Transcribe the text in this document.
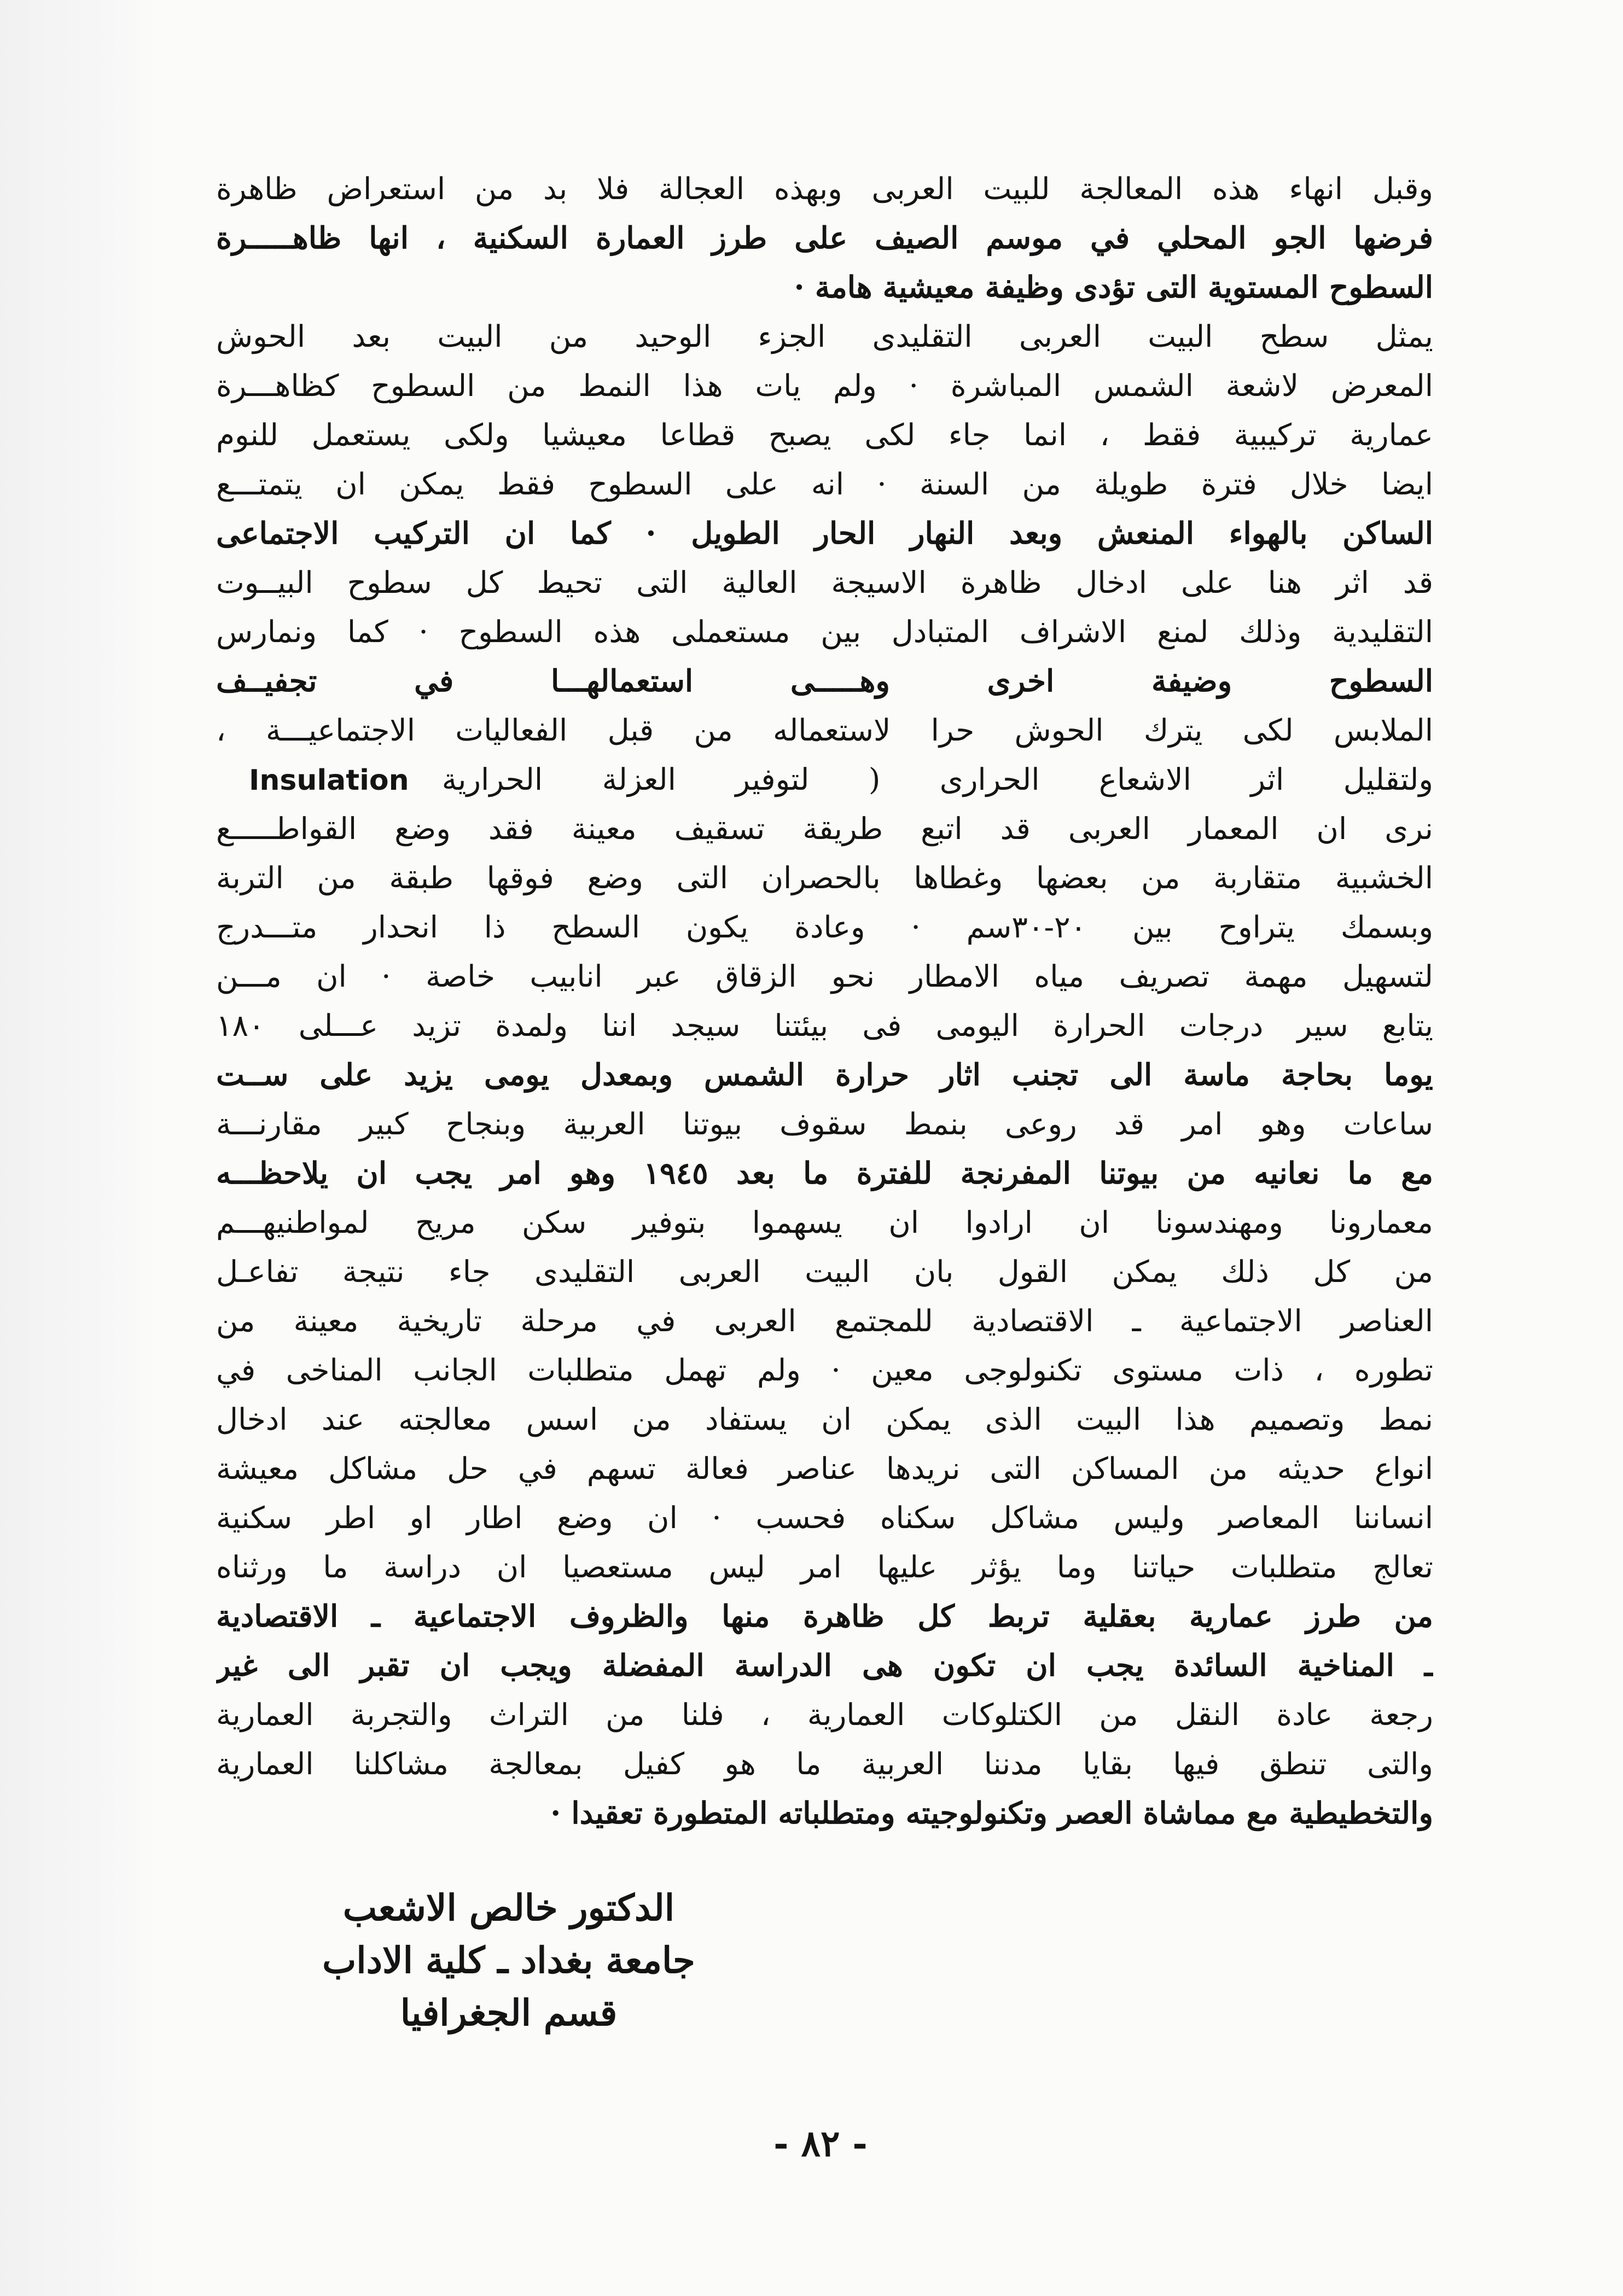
وقبل انهاء هذه المعالجة للبيت العربى وبهذه العجالة فلا بد من استعراض ظاهرة
فرضها الجو المحلي في موسم الصيف على طرز العمارة السكنية ، انها ظاهـــــرة
السطوح المستوية التى تؤدى وظيفة معيشية هامة ·
يمثل سطح البيت العربى التقليدى الجزء الوحيد من البيت بعد الحوش
المعرض لاشعة الشمس المباشرة · ولم يات هذا النمط من السطوح كظاهـــرة
عمارية تركيبية فقط ، انما جاء لكى يصبح قطاعا معيشيا ولكى يستعمل للنوم
ايضا خلال فترة طويلة من السنة · انه على السطوح فقط يمكن ان يتمتـــع
الساكن بالهواء المنعش وبعد النهار الحار الطويل · كما ان التركيب الاجتماعى
قد اثر هنا على ادخال ظاهرة الاسيجة العالية التى تحيط كل سطوح البيــوت
التقليدية وذلك لمنع الاشراف المتبادل بين مستعملى هذه السطوح · كما ونمارس
السطوح وضيفة اخرى وهـــــى استعمالهـــا في تجفيــف
الملابس لكى يترك الحوش حرا لاستعماله من قبل الفعاليات الاجتماعيـــة ،
ولتقليل اثر الاشعاع الحرارى ( لتوفير العزلة الحراريةInsulation
نرى ان المعمار العربى قد اتبع طريقة تسقيف معينة فقد وضع القواطـــــع
الخشبية متقاربة من بعضها وغطاها بالحصران التى وضع فوقها طبقة من التربة
وبسمك يتراوح بين ٢٠-٣٠سم · وعادة يكون السطح ذا انحدار متـــدرج
لتسهيل مهمة تصريف مياه الامطار نحو الزقاق عبر انابيب خاصة · ان مـــن
يتابع سير درجات الحرارة اليومى فى بيئتنا سيجد اننا ولمدة تزيد عـــلى ١٨٠
يوما بحاجة ماسة الى تجنب اثار حرارة الشمس وبمعدل يومى يزيد على ســت
ساعات وهو امر قد روعى بنمط سقوف بيوتنا العربية وبنجاح كبير مقارنـــة
مع ما نعانيه من بيوتنا المفرنجة للفترة ما بعد ١٩٤٥ وهو امر يجب ان يلاحظـــه
معمارونا ومهندسونا ان ارادوا ان يسهموا بتوفير سكن مريح لمواطنيهـــم
من كل ذلك يمكن القول بان البيت العربى التقليدى جاء نتيجة تفاعـل
العناصر الاجتماعية ـ الاقتصادية للمجتمع العربى في مرحلة تاريخية معينة من
تطوره ، ذات مستوى تكنولوجى معين · ولم تهمل متطلبات الجانب المناخى في
نمط وتصميم هذا البيت الذى يمكن ان يستفاد من اسس معالجته عند ادخال
انواع حديثه من المساكن التى نريدها عناصر فعالة تسهم في حل مشاكل معيشة
انساننا المعاصر وليس مشاكل سكناه فحسب · ان وضع اطار او اطر سكنية
تعالج متطلبات حياتنا وما يؤثر عليها امر ليس مستعصيا ان دراسة ما ورثناه
من طرز عمارية بعقلية تربط كل ظاهرة منها والظروف الاجتماعية ـ الاقتصادية
ـ المناخية السائدة يجب ان تكون هى الدراسة المفضلة ويجب ان تقبر الى غير
رجعة عادة النقل من الكتلوكات العمارية ، فلنا من التراث والتجربة العمارية
والتى تنطق فيها بقايا مدننا العربية ما هو كفيل بمعالجة مشاكلنا العمارية
والتخطيطية مع مماشاة العصر وتكنولوجيته ومتطلباته المتطورة تعقيدا ·
الدكتور خالص الاشعب
جامعة بغداد ـ كلية الاداب
قسم الجغرافيا
- ٨٢ -
